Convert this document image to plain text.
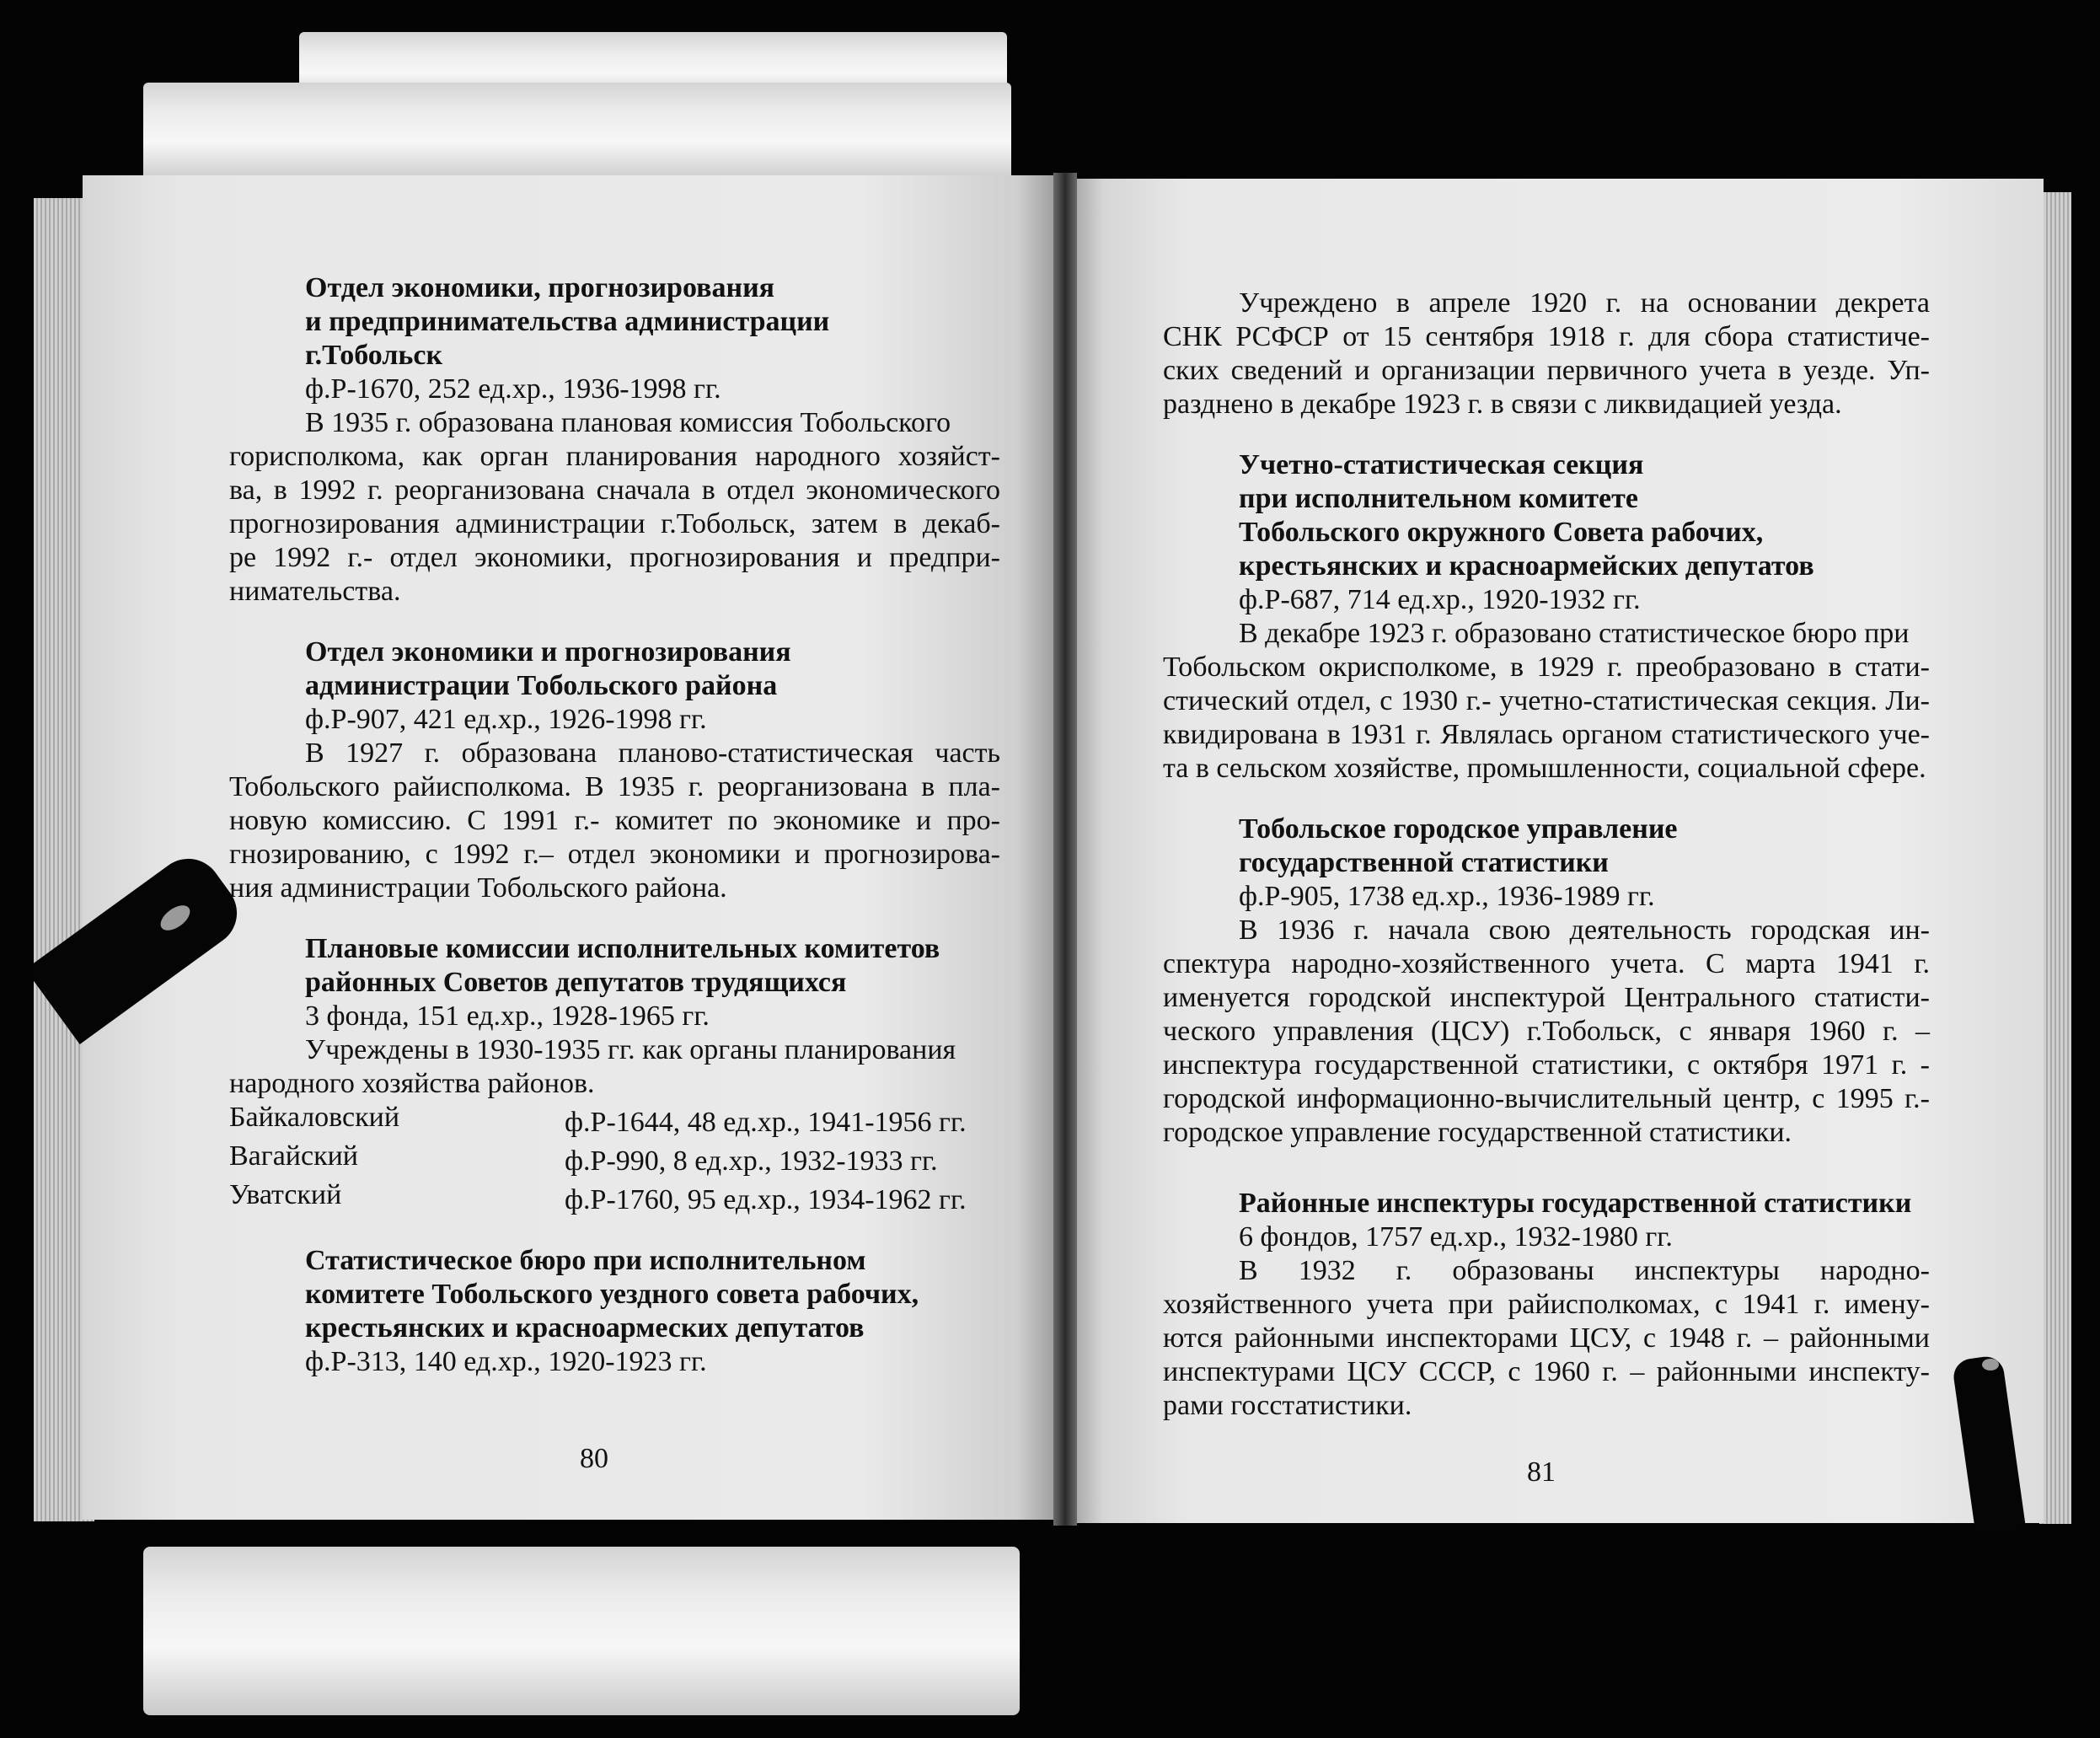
Отдел экономики, прогнозирования

и предпринимательства администрации

г.Тобольск

ф.Р-1670, 252 ед.хр., 1936-1998 гг.

В 1935 г. образована плановая комиссия Тобольского

горисполкома, как орган планирования народного хозяйст-

ва, в 1992 г. реорганизована сначала в отдел экономического

прогнозирования администрации г.Тобольск, затем в декаб-

ре 1992 г.- отдел экономики, прогнозирования и предпри-

нимательства.

Отдел экономики и прогнозирования

администрации Тобольского района

ф.Р-907, 421 ед.хр., 1926-1998 гг.

В 1927 г. образована планово-статистическая часть

Тобольского райисполкома. В 1935 г. реорганизована в пла-

новую комиссию. С 1991 г.- комитет по экономике и про-

гнозированию, с 1992 г.– отдел экономики и прогнозирова-

ния администрации Тобольского района.

Плановые комиссии исполнительных комитетов

районных Советов депутатов трудящихся

3 фонда, 151 ед.хр., 1928-1965 гг.

Учреждены в 1930-1935 гг. как органы планирования

народного хозяйства районов.

Байкаловский	ф.Р-1644, 48 ед.хр., 1941-1956 гг.
Вагайский	ф.Р-990, 8 ед.хр., 1932-1933 гг.
Уватский	ф.Р-1760, 95 ед.хр., 1934-1962 гг.

Статистическое бюро при исполнительном

комитете Тобольского уездного совета рабочих,

крестьянских и красноармеских депутатов

ф.Р-313, 140 ед.хр., 1920-1923 гг.

80

Учреждено в апреле 1920 г. на основании декрета

СНК РСФСР от 15 сентября 1918 г. для сбора статистиче-

ских сведений и организации первичного учета в уезде. Уп-

разднено в декабре 1923 г. в связи с ликвидацией уезда.

Учетно-статистическая секция

при исполнительном комитете

Тобольского окружного Совета рабочих,

крестьянских и красноармейских депутатов

ф.Р-687, 714 ед.хр., 1920-1932 гг.

В декабре 1923 г. образовано статистическое бюро при

Тобольском окрисполкоме, в 1929 г. преобразовано в стати-

стический отдел, с 1930 г.- учетно-статистическая секция. Ли-

квидирована в 1931 г. Являлась органом статистического уче-

та в сельском хозяйстве, промышленности, социальной сфере.

Тобольское городское управление

государственной статистики

ф.Р-905, 1738 ед.хр., 1936-1989 гг.

В 1936 г. начала свою деятельность городская ин-

спектура народно-хозяйственного учета. С марта 1941 г.

именуется городской инспектурой Центрального статисти-

ческого управления (ЦСУ) г.Тобольск, с января 1960 г. –

инспектура государственной статистики, с октября 1971 г. -

городской информационно-вычислительный центр, с 1995 г.-

городское управление государственной статистики.

Районные инспектуры государственной статистики

6 фондов, 1757 ед.хр., 1932-1980 гг.

В 1932 г. образованы инспектуры народно-

хозяйственного учета при райисполкомах, с 1941 г. имену-

ются районными инспекторами ЦСУ, с 1948 г. – районными

инспектурами ЦСУ СССР, с 1960 г. – районными инспекту-

рами госстатистики.

81
